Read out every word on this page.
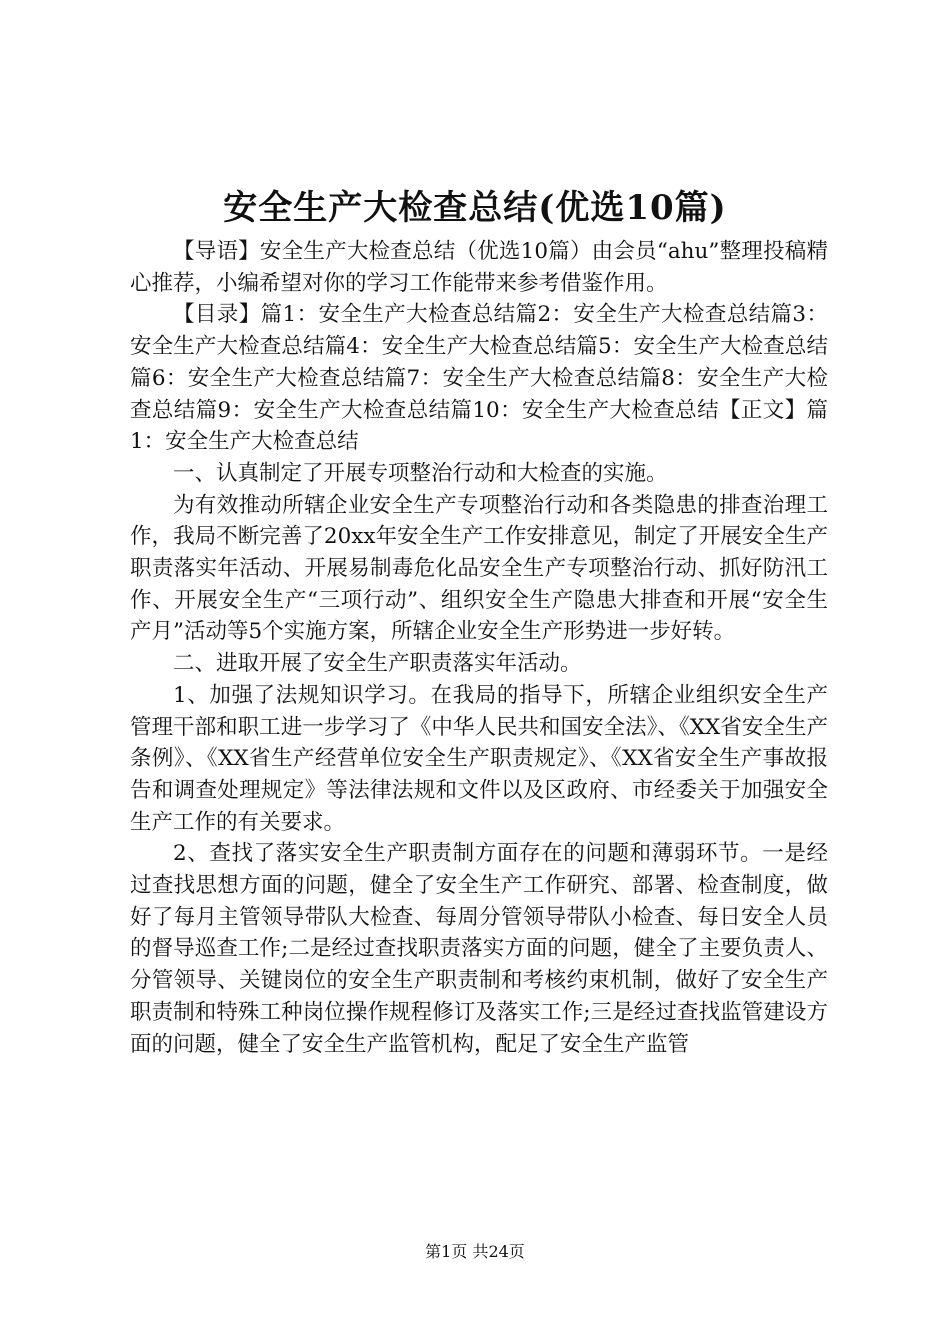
安全生产大检查总结(优选10篇)

【导语】安全生产大检查总结（优选10篇）由会员“ahu”整理投稿精心推荐，小编希望对你的学习工作能带来参考借鉴作用。

【目录】篇1：安全生产大检查总结篇2：安全生产大检查总结篇3：安全生产大检查总结篇4：安全生产大检查总结篇5：安全生产大检查总结篇6：安全生产大检查总结篇7：安全生产大检查总结篇8：安全生产大检查总结篇9：安全生产大检查总结篇10：安全生产大检查总结【正文】篇1：安全生产大检查总结

一、认真制定了开展专项整治行动和大检查的实施。

为有效推动所辖企业安全生产专项整治行动和各类隐患的排查治理工作，我局不断完善了20xx年安全生产工作安排意见，制定了开展安全生产职责落实年活动、开展易制毒危化品安全生产专项整治行动、抓好防汛工作、开展安全生产“三项行动”、组织安全生产隐患大排查和开展“安全生产月”活动等5个实施方案，所辖企业安全生产形势进一步好转。

二、进取开展了安全生产职责落实年活动。

1、加强了法规知识学习。在我局的指导下，所辖企业组织安全生产管理干部和职工进一步学习了《中华人民共和国安全法》、《XX省安全生产条例》、《XX省生产经营单位安全生产职责规定》、《XX省安全生产事故报告和调查处理规定》等法律法规和文件以及区政府、市经委关于加强安全生产工作的有关要求。

2、查找了落实安全生产职责制方面存在的问题和薄弱环节。一是经过查找思想方面的问题，健全了安全生产工作研究、部署、检查制度，做好了每月主管领导带队大检查、每周分管领导带队小检查、每日安全人员的督导巡查工作;二是经过查找职责落实方面的问题，健全了主要负责人、分管领导、关键岗位的安全生产职责制和考核约束机制，做好了安全生产职责制和特殊工种岗位操作规程修订及落实工作;三是经过查找监管建设方面的问题，健全了安全生产监管机构，配足了安全生产监管

第1页 共24页
